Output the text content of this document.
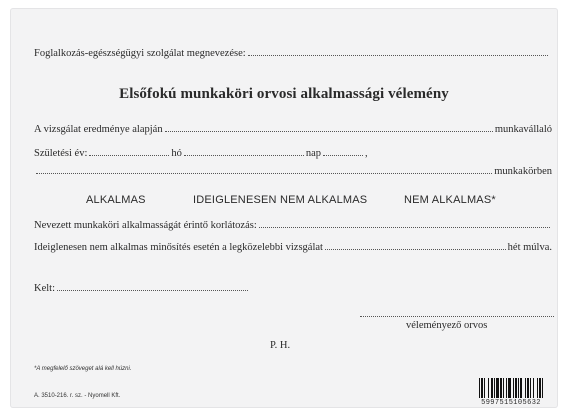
Foglalkozás-egészségügyi szolgálat megnevezése:
Elsőfokú munkaköri orvosi alkalmassági vélemény
A vizsgálat eredménye alapján	munkavállaló
Születési év:	hó	nap	,
munkakörben
ALKALMAS	IDEIGLENESEN NEM ALKALMAS	NEM ALKALMAS*
Nevezett munkaköri alkalmasságát érintő korlátozás:
Ideiglenesen nem alkalmas minősítés esetén a legközelebbi vizsgálat	hét múlva.
Kelt:
véleményező orvos
P. H.
*A megfelelő szöveget alá kell húzni.
A. 3510-216. r. sz. - Nyomell Kft.
5997515105632
